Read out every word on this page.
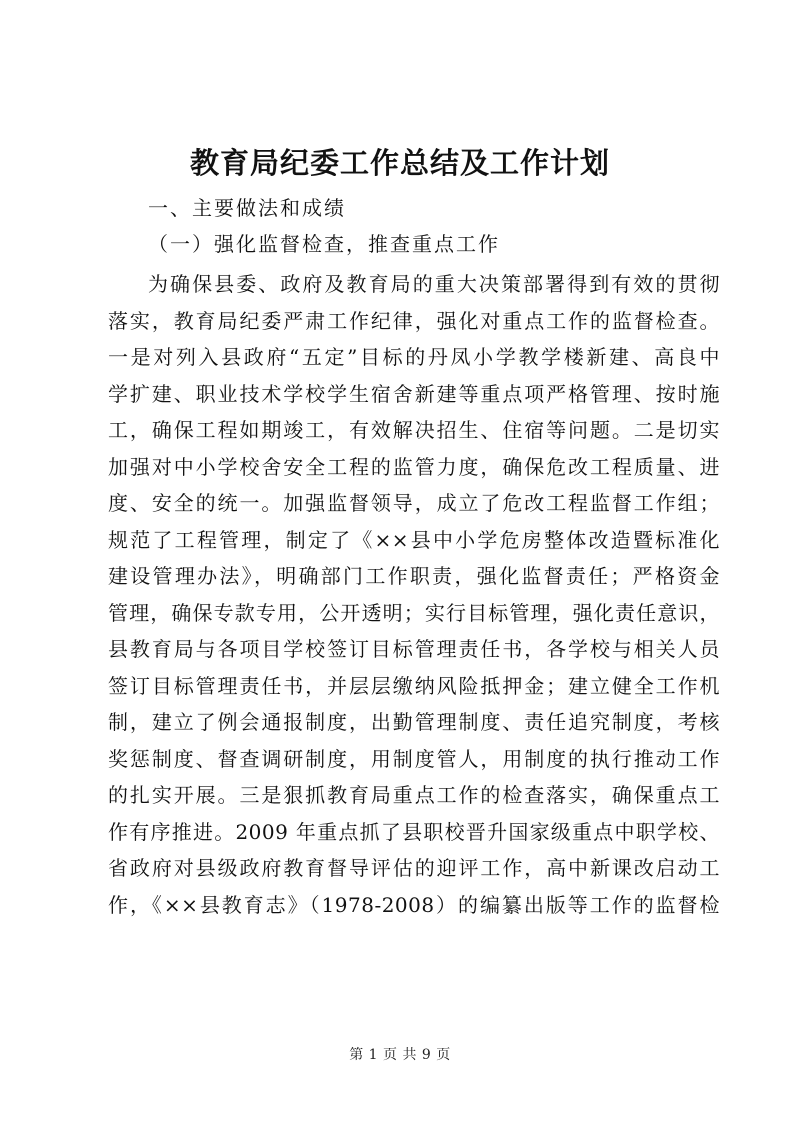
教育局纪委工作总结及工作计划
一、主要做法和成绩
（一）强化监督检查，推查重点工作
为确保县委、政府及教育局的重大决策部署得到有效的贯彻
落实，教育局纪委严肃工作纪律，强化对重点工作的监督检查。
一是对列入县政府“五定”目标的丹凤小学教学楼新建、高良中
学扩建、职业技术学校学生宿舍新建等重点项严格管理、按时施
工，确保工程如期竣工，有效解决招生、住宿等问题。二是切实
加强对中小学校舍安全工程的监管力度，确保危改工程质量、进
度、安全的统一。加强监督领导，成立了危改工程监督工作组；
规范了工程管理，制定了《××县中小学危房整体改造暨标准化
建设管理办法》，明确部门工作职责，强化监督责任；严格资金
管理，确保专款专用，公开透明；实行目标管理，强化责任意识，
县教育局与各项目学校签订目标管理责任书，各学校与相关人员
签订目标管理责任书，并层层缴纳风险抵押金；建立健全工作机
制，建立了例会通报制度，出勤管理制度、责任追究制度，考核
奖惩制度、督查调研制度，用制度管人，用制度的执行推动工作
的扎实开展。三是狠抓教育局重点工作的检查落实，确保重点工
作有序推进。2009 年重点抓了县职校晋升国家级重点中职学校、
省政府对县级政府教育督导评估的迎评工作，高中新课改启动工
作，《××县教育志》（1978-2008）的编纂出版等工作的监督检
第 1 页 共 9 页
